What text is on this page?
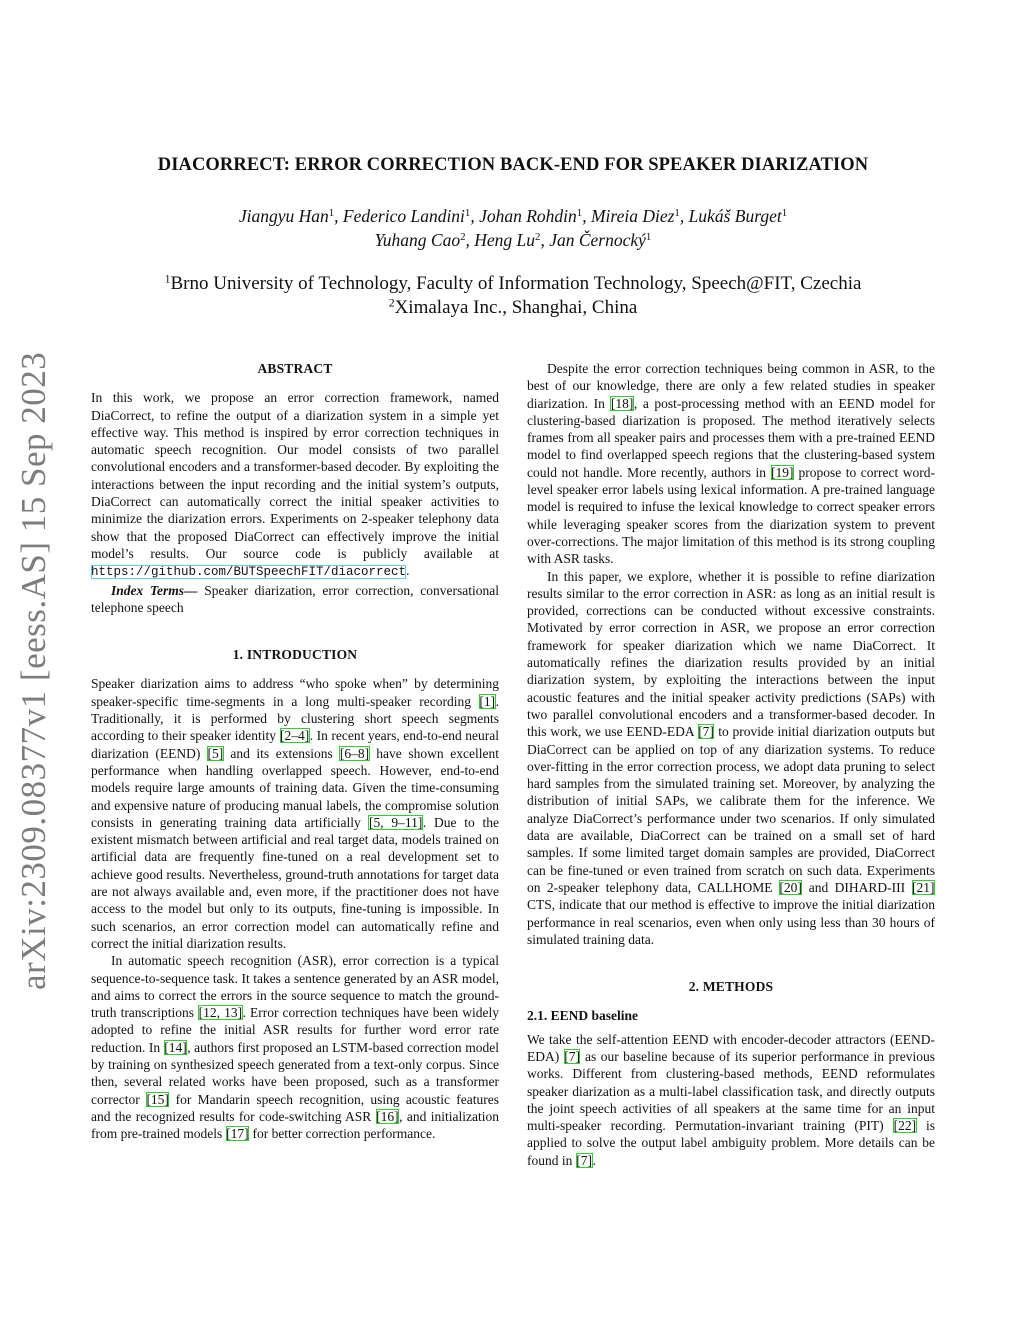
arXiv:2309.08377v1 [eess.AS] 15 Sep 2023
DIACORRECT: ERROR CORRECTION BACK-END FOR SPEAKER DIARIZATION
Jiangyu Han$^1$, Federico Landini$^1$, Johan Rohdin$^1$, Mireia Diez$^1$, Lukáš Burget$^1$
Yuhang Cao$^2$, Heng Lu$^2$, Jan Černocký$^1$
$^1$Brno University of Technology, Faculty of Information Technology, Speech@FIT, Czechia
$^2$Ximalaya Inc., Shanghai, China
ABSTRACT

In this work, we propose an error correction framework, named DiaCorrect, to refine the output of a diarization system in a simple yet effective way. This method is inspired by error correction techniques in automatic speech recognition. Our model consists of two parallel convolutional encoders and a transformer-based decoder. By exploiting the interactions between the input recording and the initial system’s outputs, DiaCorrect can automatically correct the initial speaker activities to minimize the diarization errors. Experiments on 2-speaker telephony data show that the proposed DiaCorrect can effectively improve the initial model’s results. Our source code is publicly available at https://github.com/BUTSpeechFIT/diacorrect.

Index Terms— Speaker diarization, error correction, conversational telephone speech

1. INTRODUCTION

Speaker diarization aims to address “who spoke when” by determining speaker-specific time-segments in a long multi-speaker recording [1]. Traditionally, it is performed by clustering short speech segments according to their speaker identity [2–4]. In recent years, end-to-end neural diarization (EEND) [5] and its extensions [6–8] have shown excellent performance when handling overlapped speech. However, end-to-end models require large amounts of training data. Given the time-consuming and expensive nature of producing manual labels, the compromise solution consists in generating training data artificially [5, 9–11]. Due to the existent mismatch between artificial and real target data, models trained on artificial data are frequently fine-tuned on a real development set to achieve good results. Nevertheless, ground-truth annotations for target data are not always available and, even more, if the practitioner does not have access to the model but only to its outputs, fine-tuning is impossible. In such scenarios, an error correction model can automatically refine and correct the initial diarization results.

In automatic speech recognition (ASR), error correction is a typical sequence-to-sequence task. It takes a sentence generated by an ASR model, and aims to correct the errors in the source sequence to match the ground-truth transcriptions [12, 13]. Error correction techniques have been widely adopted to refine the initial ASR results for further word error rate reduction. In [14], authors first proposed an LSTM-based correction model by training on synthesized speech generated from a text-only corpus. Since then, several related works have been proposed, such as a transformer corrector [15] for Mandarin speech recognition, using acoustic features and the recognized results for code-switching ASR [16], and initialization from pre-trained models [17] for better correction performance.

Despite the error correction techniques being common in ASR, to the best of our knowledge, there are only a few related studies in speaker diarization. In [18], a post-processing method with an EEND model for clustering-based diarization is proposed. The method iteratively selects frames from all speaker pairs and processes them with a pre-trained EEND model to find overlapped speech regions that the clustering-based system could not handle. More recently, authors in [19] propose to correct word-level speaker error labels using lexical information. A pre-trained language model is required to infuse the lexical knowledge to correct speaker errors while leveraging speaker scores from the diarization system to prevent over-corrections. The major limitation of this method is its strong coupling with ASR tasks.

In this paper, we explore, whether it is possible to refine diarization results similar to the error correction in ASR: as long as an initial result is provided, corrections can be conducted without excessive constraints. Motivated by error correction in ASR, we propose an error correction framework for speaker diarization which we name DiaCorrect. It automatically refines the diarization results provided by an initial diarization system, by exploiting the interactions between the input acoustic features and the initial speaker activity predictions (SAPs) with two parallel convolutional encoders and a transformer-based decoder. In this work, we use EEND-EDA [7] to provide initial diarization outputs but DiaCorrect can be applied on top of any diarization systems. To reduce over-fitting in the error correction process, we adopt data pruning to select hard samples from the simulated training set. Moreover, by analyzing the distribution of initial SAPs, we calibrate them for the inference. We analyze DiaCorrect’s performance under two scenarios. If only simulated data are available, DiaCorrect can be trained on a small set of hard samples. If some limited target domain samples are provided, DiaCorrect can be fine-tuned or even trained from scratch on such data. Experiments on 2-speaker telephony data, CALLHOME [20] and DIHARD-III [21] CTS, indicate that our method is effective to improve the initial diarization performance in real scenarios, even when only using less than 30 hours of simulated training data.

2. METHODS
2.1. EEND baseline

We take the self-attention EEND with encoder-decoder attractors (EEND-EDA) [7] as our baseline because of its superior performance in previous works. Different from clustering-based methods, EEND reformulates speaker diarization as a multi-label classification task, and directly outputs the joint speech activities of all speakers at the same time for an input multi-speaker recording. Permutation-invariant training (PIT) [22] is applied to solve the output label ambiguity problem. More details can be found in [7].
